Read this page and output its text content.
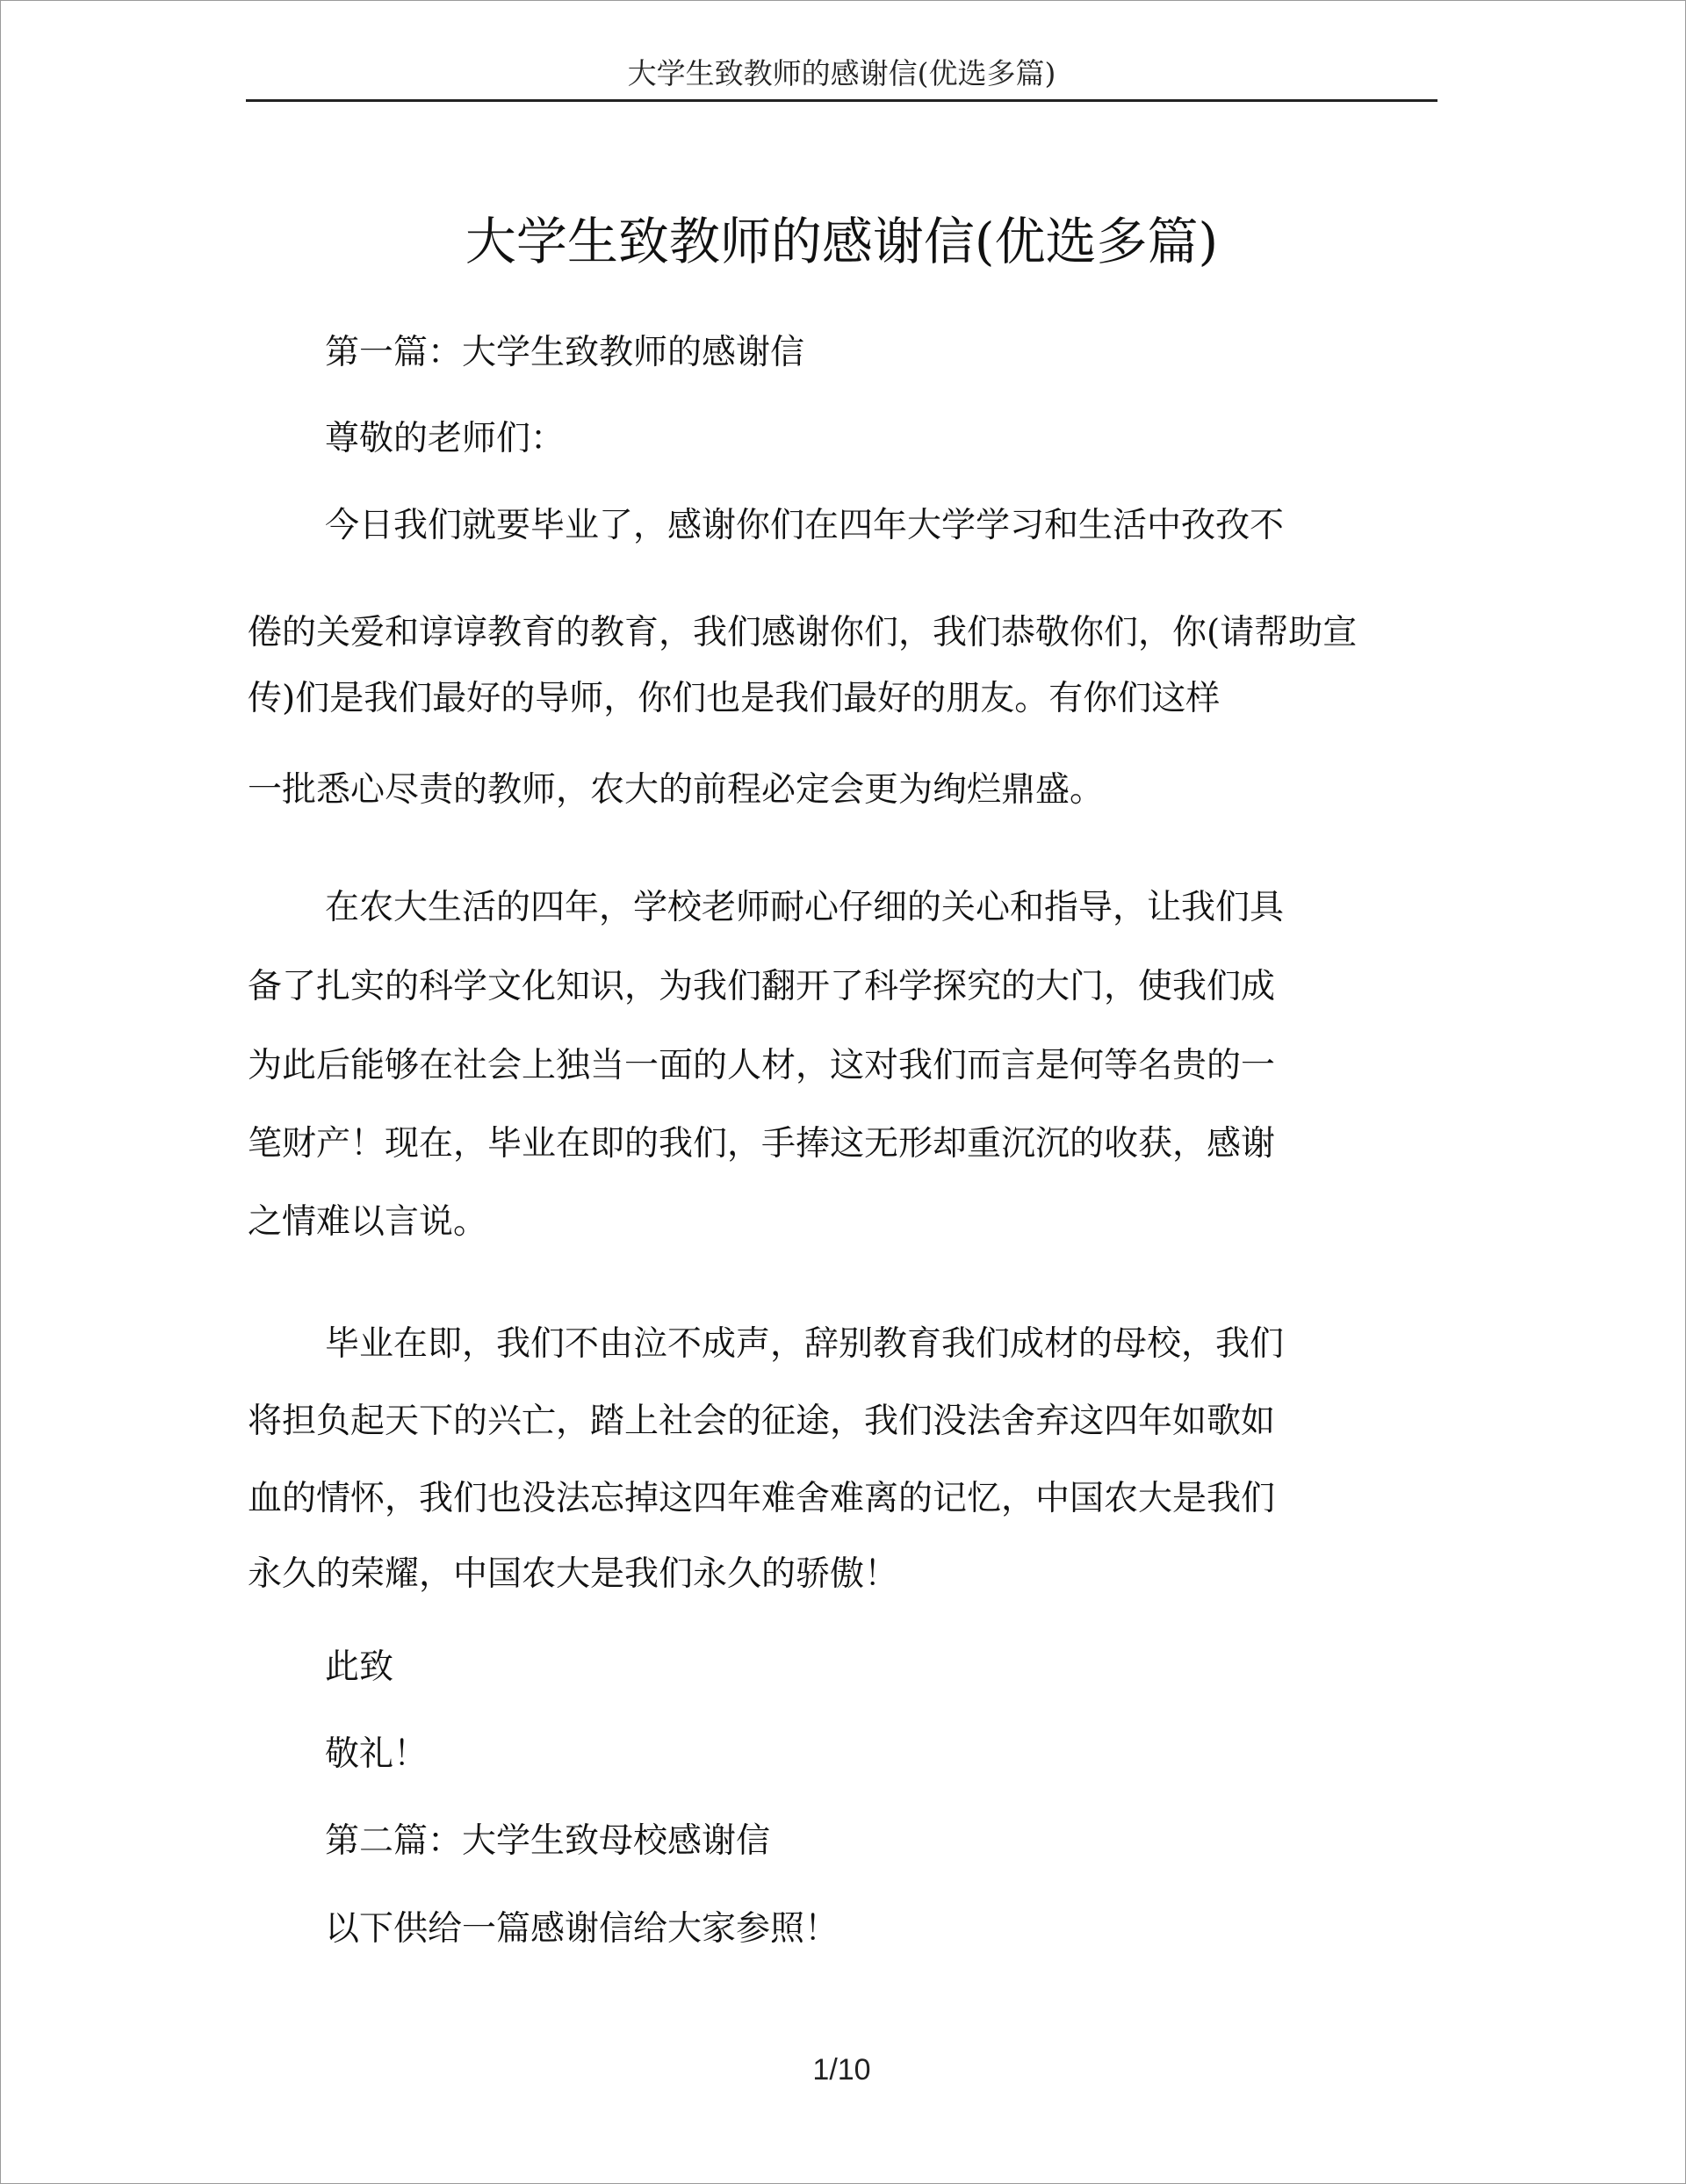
大学生致教师的感谢信(优选多篇)
大学生致教师的感谢信(优选多篇)
第一篇：大学生致教师的感谢信
尊敬的老师们：
今日我们就要毕业了，感谢你们在四年大学学习和生活中孜孜不
倦的关爱和谆谆教育的教育，我们感谢你们，我们恭敬你们，你(请帮助宣
传)们是我们最好的导师，你们也是我们最好的朋友。有你们这样
一批悉心尽责的教师，农大的前程必定会更为绚烂鼎盛。
在农大生活的四年，学校老师耐心仔细的关心和指导，让我们具
备了扎实的科学文化知识，为我们翻开了科学探究的大门，使我们成
为此后能够在社会上独当一面的人材，这对我们而言是何等名贵的一
笔财产！现在，毕业在即的我们，手捧这无形却重沉沉的收获，感谢
之情难以言说。
毕业在即，我们不由泣不成声，辞别教育我们成材的母校，我们
将担负起天下的兴亡，踏上社会的征途，我们没法舍弃这四年如歌如
血的情怀，我们也没法忘掉这四年难舍难离的记忆，中国农大是我们
永久的荣耀，中国农大是我们永久的骄傲！
此致
敬礼！
第二篇：大学生致母校感谢信
以下供给一篇感谢信给大家参照！
1/10
